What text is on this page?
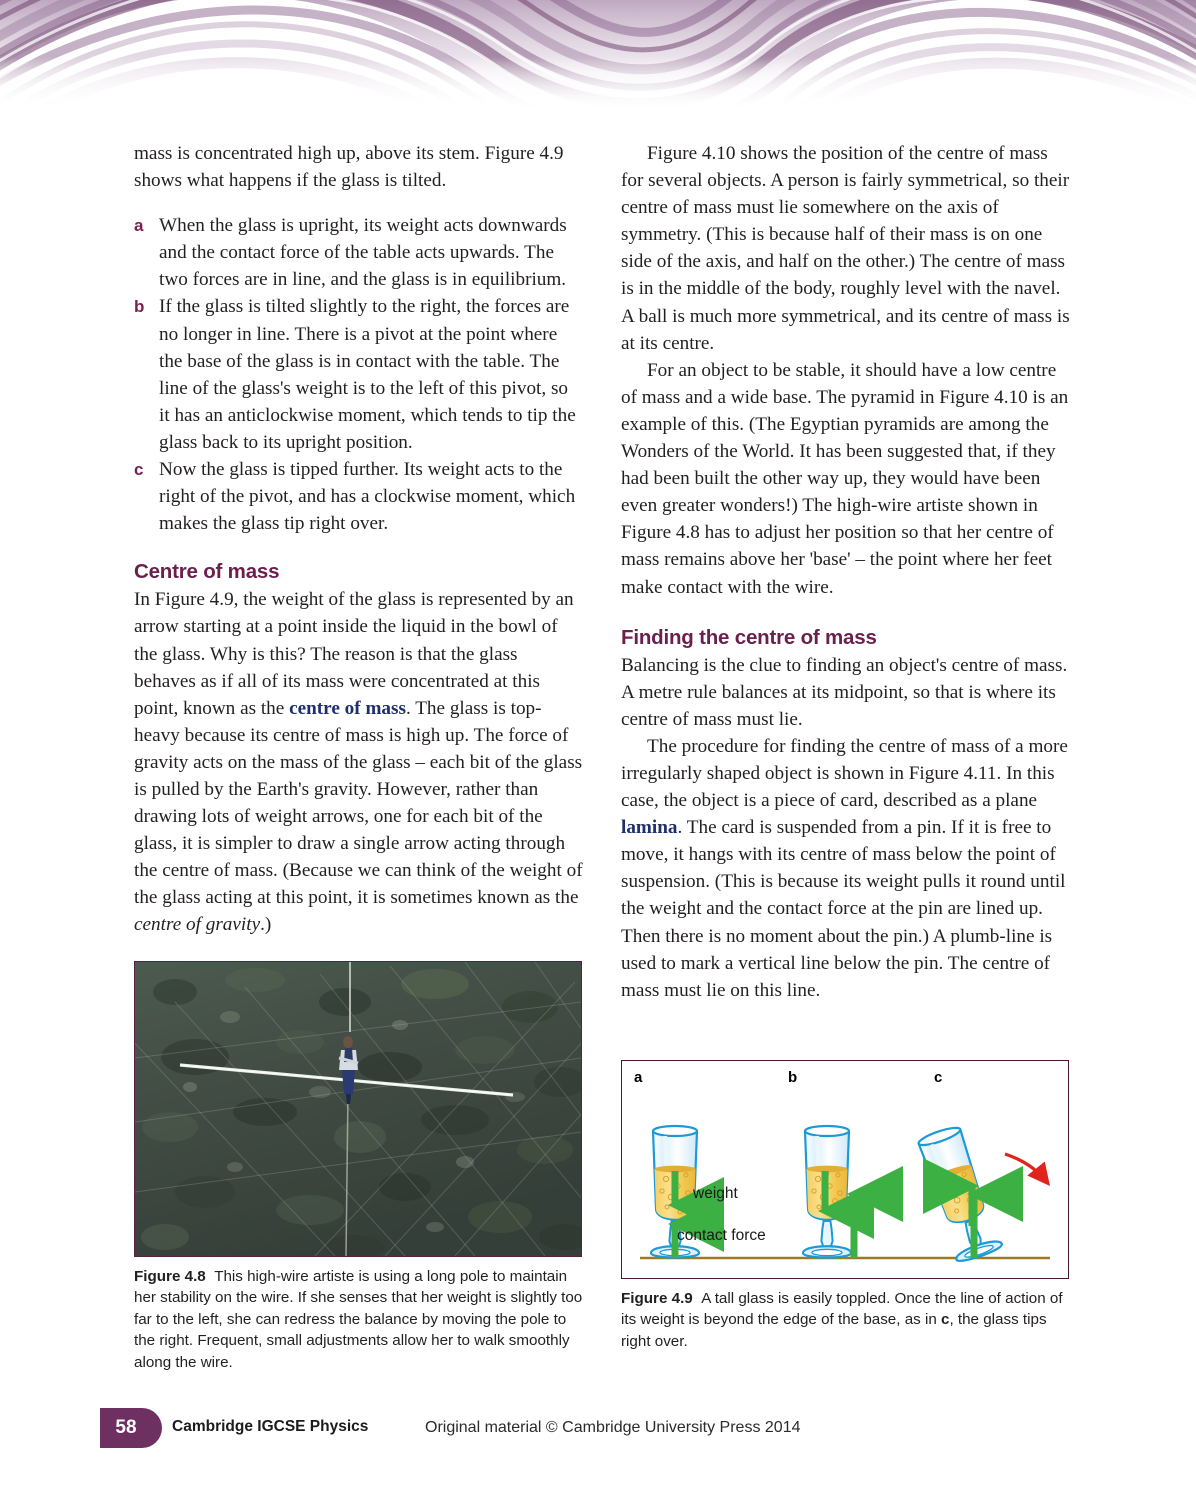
mass is concentrated high up, above its stem. Figure 4.9 shows what happens if the glass is tilted.

a When the glass is upright, its weight acts downwards and the contact force of the table acts upwards. The two forces are in line, and the glass is in equilibrium.
b If the glass is tilted slightly to the right, the forces are no longer in line. There is a pivot at the point where the base of the glass is in contact with the table. The line of the glass's weight is to the left of this pivot, so it has an anticlockwise moment, which tends to tip the glass back to its upright position.
c Now the glass is tipped further. Its weight acts to the right of the pivot, and has a clockwise moment, which makes the glass tip right over.
Centre of mass

In Figure 4.9, the weight of the glass is represented by an arrow starting at a point inside the liquid in the bowl of the glass. Why is this? The reason is that the glass behaves as if all of its mass were concentrated at this point, known as the centre of mass. The glass is top-heavy because its centre of mass is high up. The force of gravity acts on the mass of the glass – each bit of the glass is pulled by the Earth's gravity. However, rather than drawing lots of weight arrows, one for each bit of the glass, it is simpler to draw a single arrow acting through the centre of mass. (Because we can think of the weight of the glass acting at this point, it is sometimes known as the centre of gravity.)

Figure 4.8 This high-wire artiste is using a long pole to maintain her stability on the wire. If she senses that her weight is slightly too far to the left, she can redress the balance by moving the pole to the right. Frequent, small adjustments allow her to walk smoothly along the wire.

Figure 4.10 shows the position of the centre of mass for several objects. A person is fairly symmetrical, so their centre of mass must lie somewhere on the axis of symmetry. (This is because half of their mass is on one side of the axis, and half on the other.) The centre of mass is in the middle of the body, roughly level with the navel. A ball is much more symmetrical, and its centre of mass is at its centre.

For an object to be stable, it should have a low centre of mass and a wide base. The pyramid in Figure 4.10 is an example of this. (The Egyptian pyramids are among the Wonders of the World. It has been suggested that, if they had been built the other way up, they would have been even greater wonders!) The high-wire artiste shown in Figure 4.8 has to adjust her position so that her centre of mass remains above her 'base' – the point where her feet make contact with the wire.

Finding the centre of mass

Balancing is the clue to finding an object's centre of mass. A metre rule balances at its midpoint, so that is where its centre of mass must lie.

The procedure for finding the centre of mass of a more irregularly shaped object is shown in Figure 4.11. In this case, the object is a piece of card, described as a plane lamina. The card is suspended from a pin. If it is free to move, it hangs with its centre of mass below the point of suspension. (This is because its weight pulls it round until the weight and the contact force at the pin are lined up. Then there is no moment about the pin.) A plumb-line is used to mark a vertical line below the pin. The centre of mass must lie on this line.

a	b	c
weight
contact force
Figure 4.9 A tall glass is easily toppled. Once the line of action of its weight is beyond the edge of the base, as in c, the glass tips right over.
58	Cambridge IGCSE Physics	Original material © Cambridge University Press 2014
